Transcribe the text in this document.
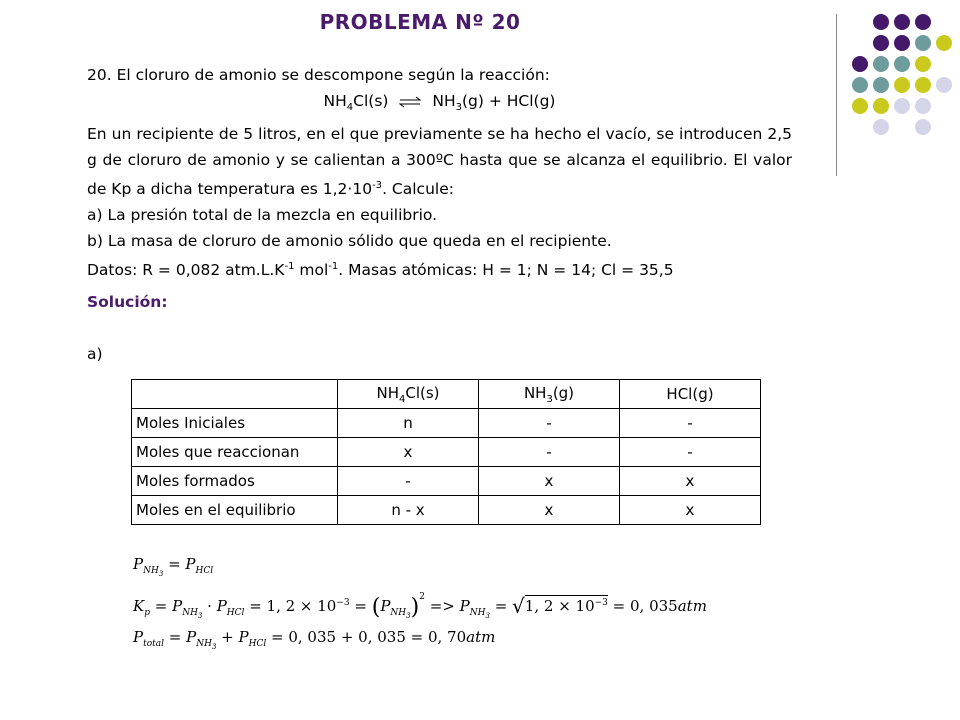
PROBLEMA Nº 20

20. El cloruro de amonio se descompone según la reacción:

$NH_4Cl(s)$ ⇌ $NH_3(g) + HCl(g)$

En un recipiente de 5 litros, en el que previamente se ha hecho el vacío, se introducen 2,5 g de cloruro de amonio y se calientan a 300ºC hasta que se alcanza el equilibrio. El valor de Kp a dicha temperatura es $1,2\cdot 10^{-3}$. Calcule:

a) La presión total de la mezcla en equilibrio.

b) La masa de cloruro de amonio sólido que queda en el recipiente.

Datos: R = 0,082 $atm.L.K^{-1}$ mol$^{-1}$. Masas atómicas: H = 1; N = 14; Cl = 35,5

Solución:
a)
	$NH_4Cl(s)$	$NH_3(g)$	HCl(g)
Moles Iniciales	n	-	-
Moles que reaccionan	x	-	-
Moles formados	-	x	x
Moles en el equilibrio	n - x	x	x
$P_{NH_3} = P_{HCl}$
$K_p = P_{NH_3} \cdot P_{HCl} = 1$, $2 \times 10^{-3} = (P_{NH_3})^2 => P_{NH_3} = √1$, $2 \times 10^{-3} = 0$, 035atm
$P_{total} = P_{NH_3} + P_{HCl} = 0$, 035 + 0, 035 = 0, 70atm
